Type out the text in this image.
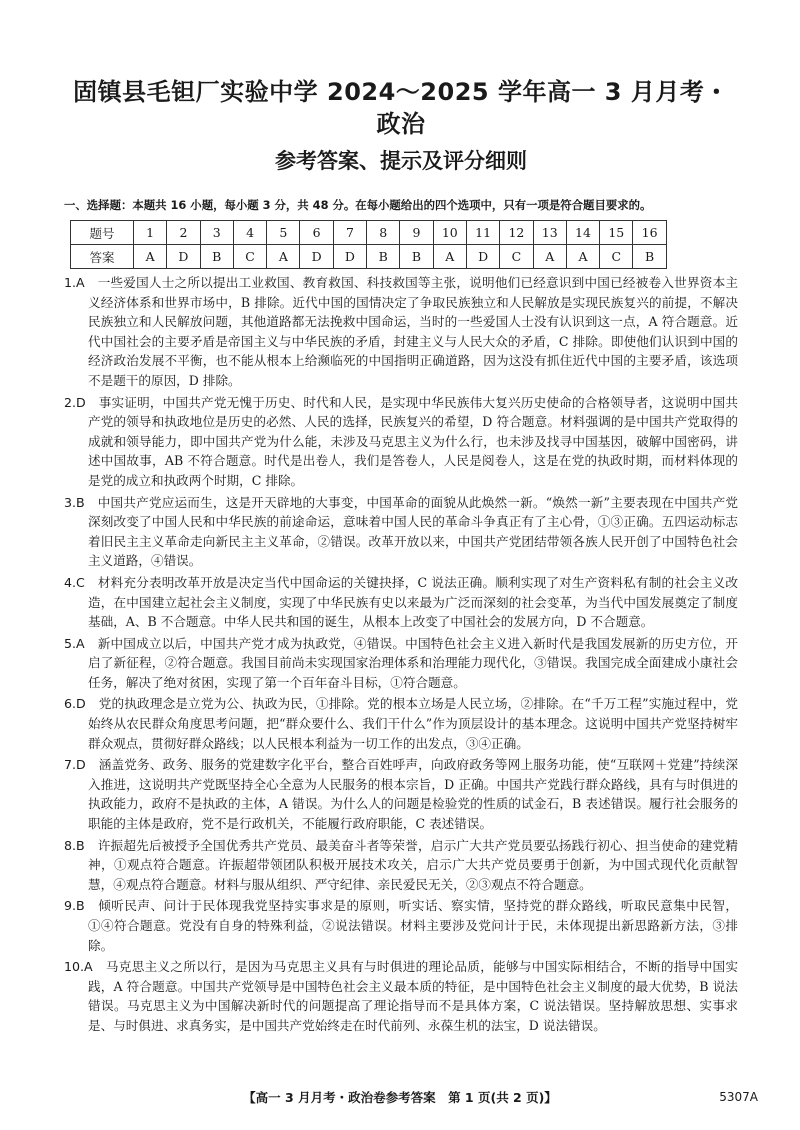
固镇县毛钽厂实验中学 2024～2025 学年高一 3 月月考・政治
参考答案、提示及评分细则
一、选择题：本题共 16 小题，每小题 3 分，共 48 分。在每小题给出的四个选项中，只有一项是符合题目要求的。
题号	1	2	3	4	5	6	7	8	9	10	11	12	13	14	15	16
答案	A	D	B	C	A	D	D	B	B	A	D	C	A	A	C	B

1.A　 一些爱国人士之所以提出工业救国、教育救国、科技救国等主张，说明他们已经意识到中国已经被卷入世界资本主义经济体系和世界市场中，B 排除。近代中国的国情决定了争取民族独立和人民解放是实现民族复兴的前提，不解决民族独立和人民解放问题，其他道路都无法挽救中国命运，当时的一些爱国人士没有认识到这一点，A 符合题意。近代中国社会的主要矛盾是帝国主义与中华民族的矛盾，封建主义与人民大众的矛盾，C 排除。即使他们认识到中国的经济政治发展不平衡，也不能从根本上给濒临死的中国指明正确道路，因为这没有抓住近代中国的主要矛盾，该选项不是题干的原因，D 排除。

2.D　 事实证明，中国共产党无愧于历史、时代和人民，是实现中华民族伟大复兴历史使命的合格领导者，这说明中国共产党的领导和执政地位是历史的必然、人民的选择，民族复兴的希望，D 符合题意。材料强调的是中国共产党取得的成就和领导能力，即中国共产党为什么能，未涉及马克思主义为什么行，也未涉及找寻中国基因，破解中国密码，讲述中国故事，AB 不符合题意。时代是出卷人，我们是答卷人，人民是阅卷人，这是在党的执政时期，而材料体现的是党的成立和执政两个时期，C 排除。

3.B　 中国共产党应运而生，这是开天辟地的大事变，中国革命的面貌从此焕然一新。“焕然一新”主要表现在中国共产党深刻改变了中国人民和中华民族的前途命运，意味着中国人民的革命斗争真正有了主心骨，①③正确。五四运动标志着旧民主主义革命走向新民主主义革命，②错误。改革开放以来，中国共产党团结带领各族人民开创了中国特色社会主义道路，④错误。

4.C　 材料充分表明改革开放是决定当代中国命运的关键抉择，C 说法正确。顺利实现了对生产资料私有制的社会主义改造，在中国建立起社会主义制度，实现了中华民族有史以来最为广泛而深刻的社会变革，为当代中国发展奠定了制度基础，A、B 不合题意。中华人民共和国的诞生，从根本上改变了中国社会的发展方向，D 不合题意。

5.A　 新中国成立以后，中国共产党才成为执政党，④错误。中国特色社会主义进入新时代是我国发展新的历史方位，开启了新征程，②符合题意。我国目前尚未实现国家治理体系和治理能力现代化，③错误。我国完成全面建成小康社会任务，解决了绝对贫困，实现了第一个百年奋斗目标，①符合题意。

6.D　 党的执政理念是立党为公、执政为民，①排除。党的根本立场是人民立场，②排除。在“千万工程”实施过程中，党始终从农民群众角度思考问题，把“群众要什么、我们干什么”作为顶层设计的基本理念。这说明中国共产党坚持树牢群众观点，贯彻好群众路线；以人民根本利益为一切工作的出发点，③④正确。

7.D　 涵盖党务、政务、服务的党建数字化平台，整合百姓呼声，向政府政务等网上服务功能，使“互联网＋党建”持续深入推进，这说明共产党既坚持全心全意为人民服务的根本宗旨，D 正确。中国共产党践行群众路线，具有与时俱进的执政能力，政府不是执政的主体，A 错误。为什么人的问题是检验党的性质的试金石，B 表述错误。履行社会服务的职能的主体是政府，党不是行政机关，不能履行政府职能，C 表述错误。

8.B　 许振超先后被授予全国优秀共产党员、最美奋斗者等荣誉，启示广大共产党员要弘扬践行初心、担当使命的建党精神，①观点符合题意。许振超带领团队积极开展技术攻关，启示广大共产党员要勇于创新，为中国式现代化贡献智慧，④观点符合题意。材料与服从组织、严守纪律、亲民爱民无关，②③观点不符合题意。

9.B　 倾听民声、问计于民体现我党坚持实事求是的原则，听实话、察实情，坚持党的群众路线，听取民意集中民智，①④符合题意。党没有自身的特殊利益，②说法错误。材料主要涉及党问计于民，未体现提出新思路新方法，③排除。

10.A　 马克思主义之所以行，是因为马克思主义具有与时俱进的理论品质，能够与中国实际相结合，不断的指导中国实践，A 符合题意。中国共产党领导是中国特色社会主义最本质的特征，是中国特色社会主义制度的最大优势，B 说法错误。马克思主义为中国解决新时代的问题提高了理论指导而不是具体方案，C 说法错误。坚持解放思想、实事求是、与时俱进、求真务实，是中国共产党始终走在时代前列、永葆生机的法宝，D 说法错误。

【高一 3 月月考・政治卷参考答案　第 1 页(共 2 页)】	5307A
